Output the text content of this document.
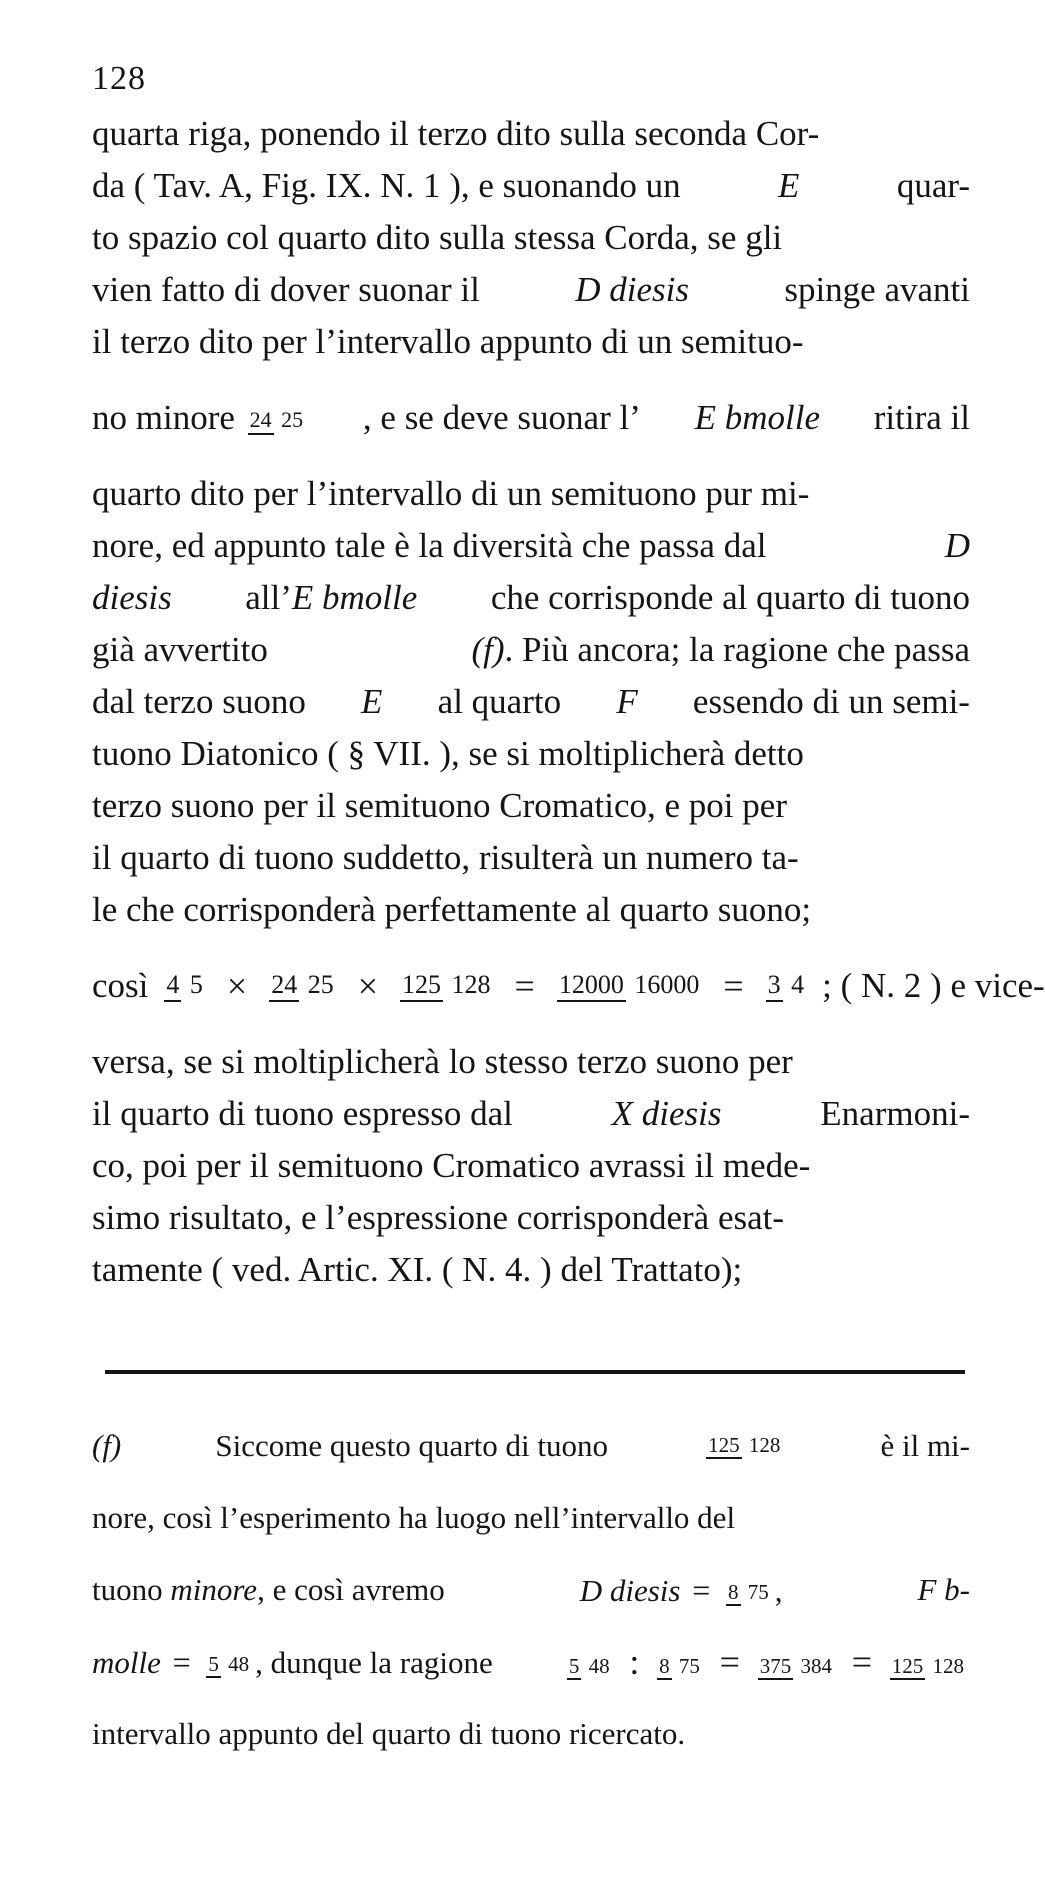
128
quarta riga, ponendo il terzo dito sulla seconda Cor-
da ( Tav. A, Fig. IX. N. 1 ), e suonando un	E	quar-
to spazio col quarto dito sulla stessa Corda, se gli
vien fatto di dover suonar il	D diesis	spinge avanti
il terzo dito per l’intervallo appunto di un semituo-
no minore 24 25 , e se deve suonar l’ E bmolle ritira il
quarto dito per l’intervallo di un semituono pur mi-
nore, ed appunto tale è la diversità che passa dal	D
diesis all’E bmolle che corrisponde al quarto di tuono
già avvertito	(f). Più ancora; la ragione che passa
dal terzo suono E al quarto F essendo di un semi-
tuono Diatonico ( § VII. ), se si moltiplicherà detto
terzo suono per il semituono Cromatico, e poi per
il quarto di tuono suddetto, risulterà un numero ta-
le che corrisponderà perfettamente al quarto suono;
così 4 5 × 24 25 × 125 128 = 12000 16000 = 3 4 ; ( N. 2 ) e vice-
versa, se si moltiplicherà lo stesso terzo suono per
il quarto di tuono espresso dal	X diesis	Enarmoni-
co, poi per il semituono Cromatico avrassi il mede-
simo risultato, e l’espressione corrisponderà esat-
tamente ( ved. Artic. XI. ( N. 4. ) del Trattato);
(f)	Siccome questo quarto di tuono	125 128	è il mi-
nore, così l’esperimento ha luogo nell’intervallo del
tuono minore, e così avremo	D diesis = 8 75 ,	F b-
molle = 5 48 , dunque la ragione	5 48 : 8 75 = 375 384 = 125 128
intervallo appunto del quarto di tuono ricercato.
